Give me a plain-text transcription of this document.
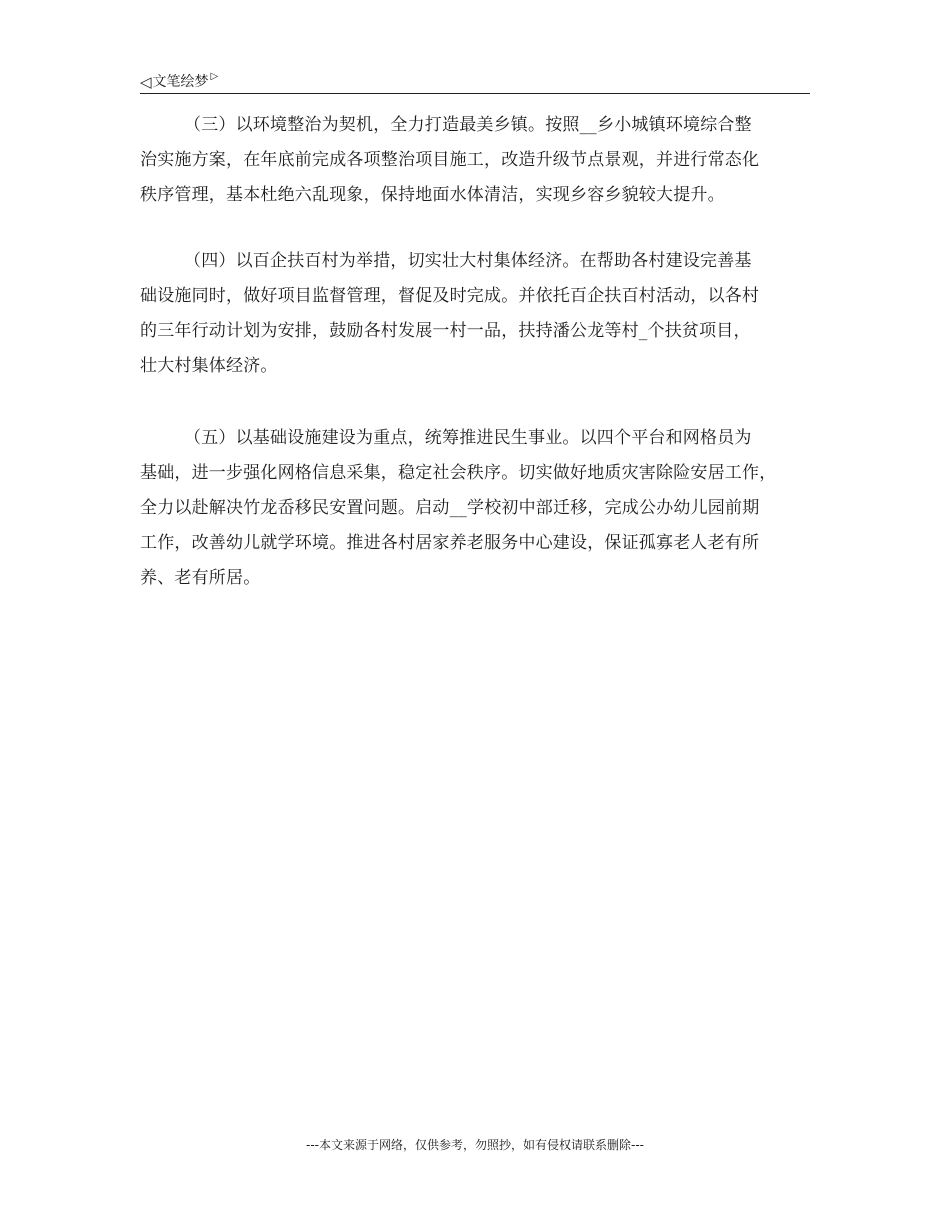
◁ 文笔绘梦 ▷
（三）以环境整治为契机，全力打造最美乡镇。按照__乡小城镇环境综合整
治实施方案，在年底前完成各项整治项目施工，改造升级节点景观，并进行常态化
秩序管理，基本杜绝六乱现象，保持地面水体清洁，实现乡容乡貌较大提升。
（四）以百企扶百村为举措，切实壮大村集体经济。在帮助各村建设完善基
础设施同时，做好项目监督管理，督促及时完成。并依托百企扶百村活动，以各村
的三年行动计划为安排，鼓励各村发展一村一品，扶持潘公龙等村_个扶贫项目，
壮大村集体经济。
（五）以基础设施建设为重点，统筹推进民生事业。以四个平台和网格员为
基础，进一步强化网格信息采集，稳定社会秩序。切实做好地质灾害除险安居工作，
全力以赴解决竹龙岙移民安置问题。启动__学校初中部迁移，完成公办幼儿园前期
工作，改善幼儿就学环境。推进各村居家养老服务中心建设，保证孤寡老人老有所
养、老有所居。
---本文来源于网络，仅供参考，勿照抄，如有侵权请联系删除---
